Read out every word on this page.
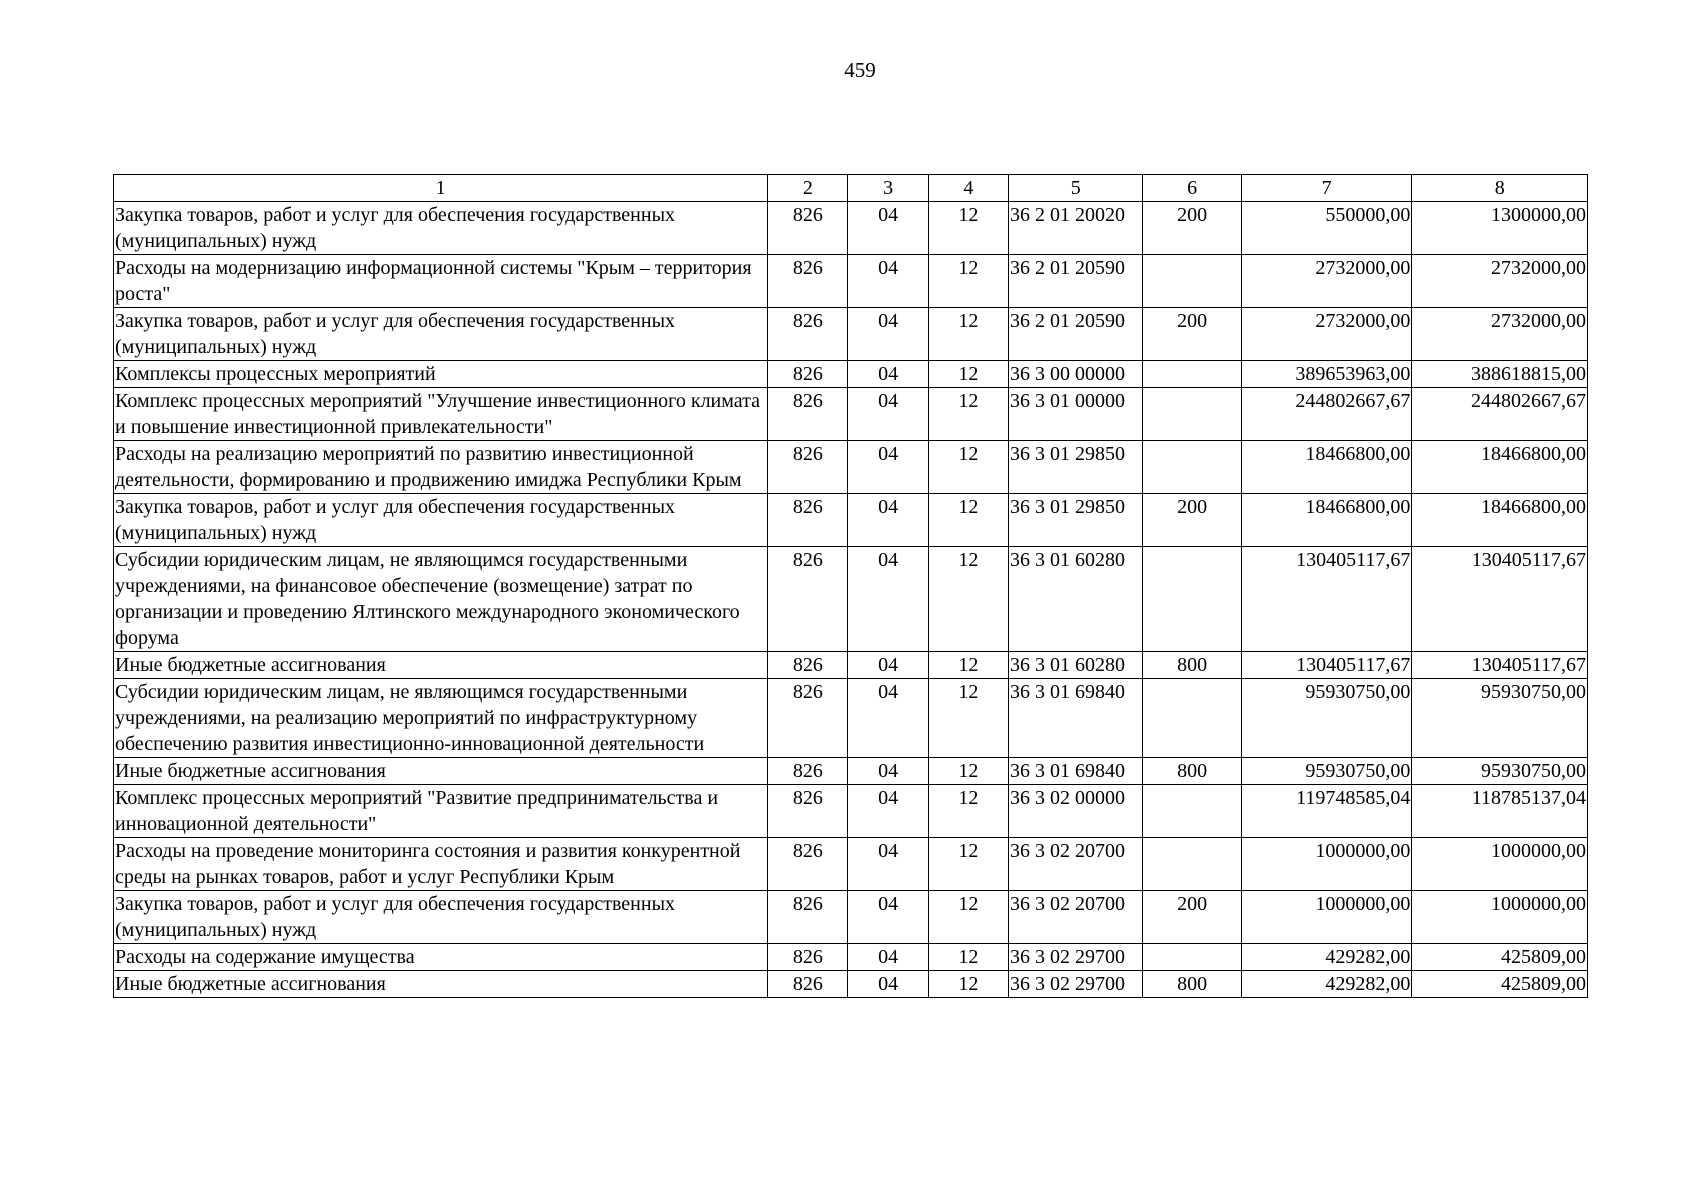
459
1	2	3	4	5	6	7	8
Закупка товаров, работ и услуг для обеспечения государственных (муниципальных) нужд	826	04	12	36 2 01 20020	200	550000,00	1300000,00
Расходы на модернизацию информационной системы "Крым – территория роста"	826	04	12	36 2 01 20590		2732000,00	2732000,00
Закупка товаров, работ и услуг для обеспечения государственных (муниципальных) нужд	826	04	12	36 2 01 20590	200	2732000,00	2732000,00
Комплексы процессных мероприятий	826	04	12	36 3 00 00000		389653963,00	388618815,00
Комплекс процессных мероприятий "Улучшение инвестиционного климата и повышение инвестиционной привлекательности"	826	04	12	36 3 01 00000		244802667,67	244802667,67
Расходы на реализацию мероприятий по развитию инвестиционной деятельности, формированию и продвижению имиджа Республики Крым	826	04	12	36 3 01 29850		18466800,00	18466800,00
Закупка товаров, работ и услуг для обеспечения государственных (муниципальных) нужд	826	04	12	36 3 01 29850	200	18466800,00	18466800,00
Субсидии юридическим лицам, не являющимся государственными учреждениями, на финансовое обеспечение (возмещение) затрат по организации и проведению Ялтинского международного экономического форума	826	04	12	36 3 01 60280		130405117,67	130405117,67
Иные бюджетные ассигнования	826	04	12	36 3 01 60280	800	130405117,67	130405117,67
Субсидии юридическим лицам, не являющимся государственными учреждениями, на реализацию мероприятий по инфраструктурному обеспечению развития инвестиционно-инновационной деятельности	826	04	12	36 3 01 69840		95930750,00	95930750,00
Иные бюджетные ассигнования	826	04	12	36 3 01 69840	800	95930750,00	95930750,00
Комплекс процессных мероприятий "Развитие предпринимательства и инновационной деятельности"	826	04	12	36 3 02 00000		119748585,04	118785137,04
Расходы на проведение мониторинга состояния и развития конкурентной среды на рынках товаров, работ и услуг Республики Крым	826	04	12	36 3 02 20700		1000000,00	1000000,00
Закупка товаров, работ и услуг для обеспечения государственных (муниципальных) нужд	826	04	12	36 3 02 20700	200	1000000,00	1000000,00
Расходы на содержание имущества	826	04	12	36 3 02 29700		429282,00	425809,00
Иные бюджетные ассигнования	826	04	12	36 3 02 29700	800	429282,00	425809,00
